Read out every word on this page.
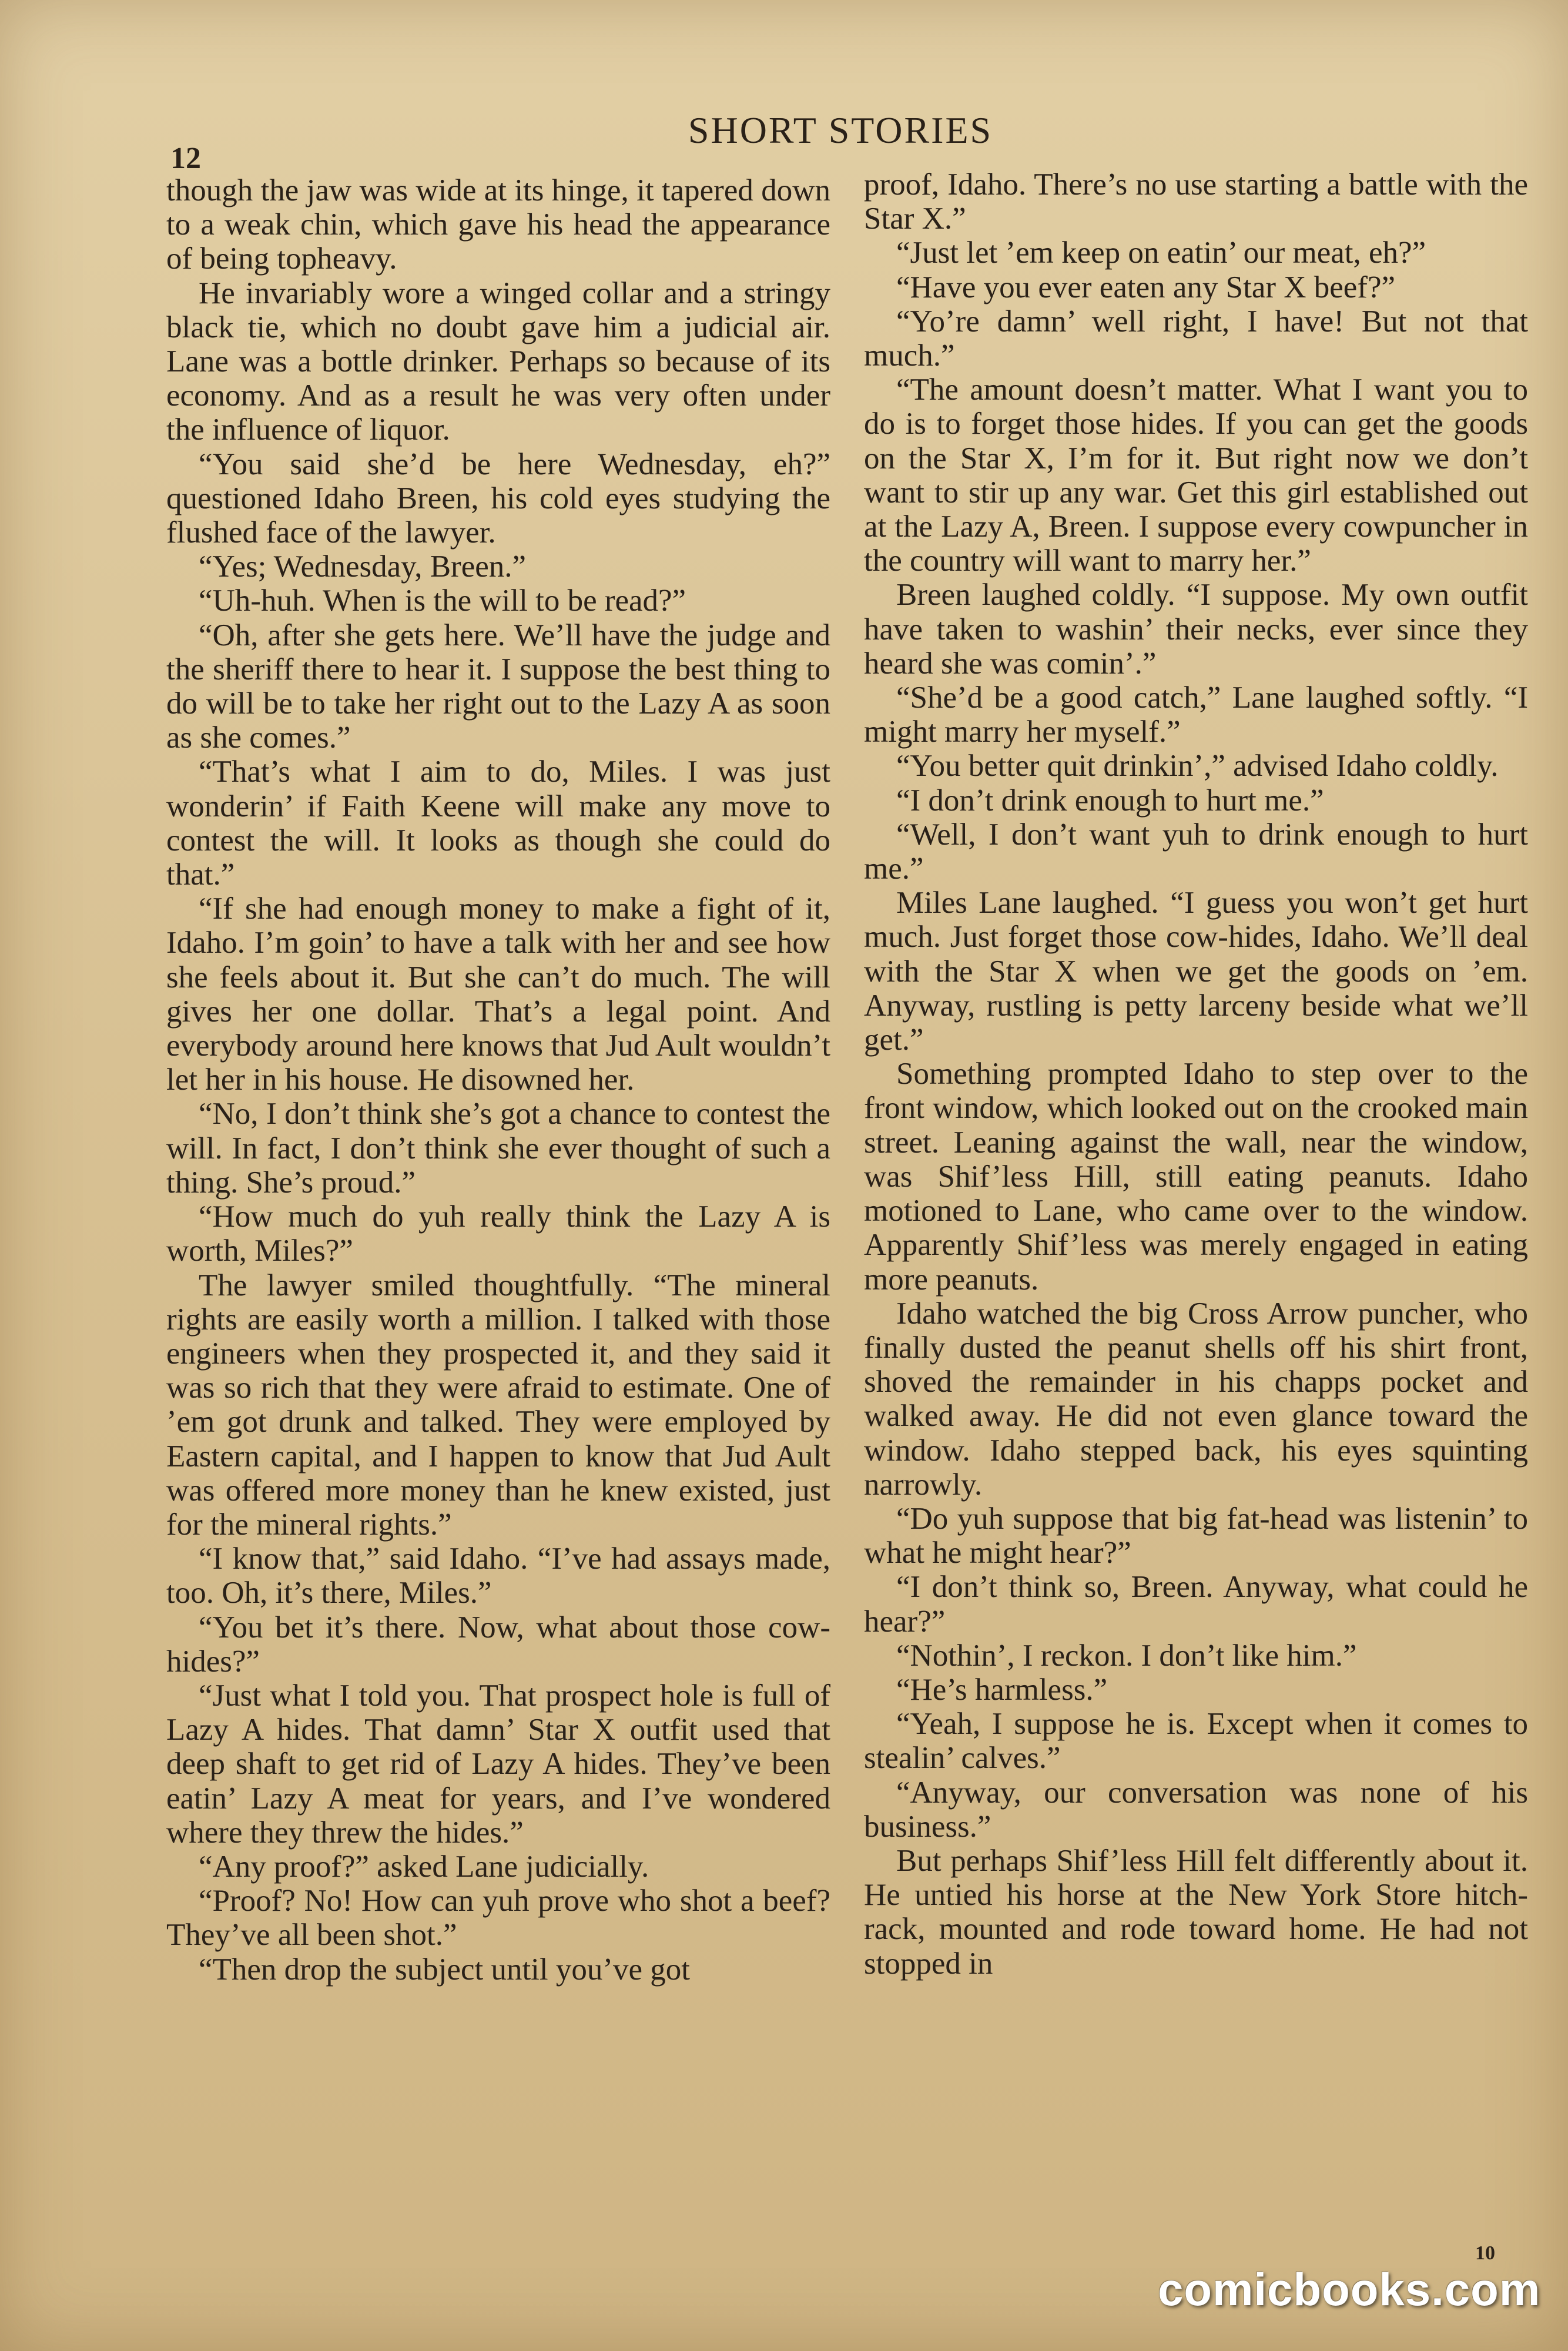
12
SHORT STORIES

though the jaw was wide at its hinge, it tapered down to a weak chin, which gave his head the appearance of being topheavy.

He invariably wore a winged collar and a stringy black tie, which no doubt gave him a judicial air. Lane was a bottle drinker. Perhaps so because of its economy. And as a result he was very often under the influence of liquor.

“You said she’d be here Wednesday, eh?” questioned Idaho Breen, his cold eyes studying the flushed face of the lawyer.

“Yes; Wednesday, Breen.”

“Uh-huh. When is the will to be read?”

“Oh, after she gets here. We’ll have the judge and the sheriff there to hear it. I suppose the best thing to do will be to take her right out to the Lazy A as soon as she comes.”

“That’s what I aim to do, Miles. I was just wonderin’ if Faith Keene will make any move to contest the will. It looks as though she could do that.”

“If she had enough money to make a fight of it, Idaho. I’m goin’ to have a talk with her and see how she feels about it. But she can’t do much. The will gives her one dollar. That’s a legal point. And everybody around here knows that Jud Ault wouldn’t let her in his house. He disowned her.

“No, I don’t think she’s got a chance to contest the will. In fact, I don’t think she ever thought of such a thing. She’s proud.”

“How much do yuh really think the Lazy A is worth, Miles?”

The lawyer smiled thoughtfully. “The mineral rights are easily worth a million. I talked with those engineers when they prospected it, and they said it was so rich that they were afraid to estimate. One of ’em got drunk and talked. They were employed by Eastern capital, and I happen to know that Jud Ault was offered more money than he knew existed, just for the mineral rights.”

“I know that,” said Idaho. “I’ve had assays made, too. Oh, it’s there, Miles.”

“You bet it’s there. Now, what about those cow-hides?”

“Just what I told you. That prospect hole is full of Lazy A hides. That damn’ Star X outfit used that deep shaft to get rid of Lazy A hides. They’ve been eatin’ Lazy A meat for years, and I’ve wondered where they threw the hides.”

“Any proof?” asked Lane judicially.

“Proof? No! How can yuh prove who shot a beef? They’ve all been shot.”

“Then drop the subject until you’ve got

proof, Idaho. There’s no use starting a battle with the Star X.”

“Just let ’em keep on eatin’ our meat, eh?”

“Have you ever eaten any Star X beef?”

“Yo’re damn’ well right, I have! But not that much.”

“The amount doesn’t matter. What I want you to do is to forget those hides. If you can get the goods on the Star X, I’m for it. But right now we don’t want to stir up any war. Get this girl established out at the Lazy A, Breen. I suppose every cowpuncher in the country will want to marry her.”

Breen laughed coldly. “I suppose. My own outfit have taken to washin’ their necks, ever since they heard she was comin’.”

“She’d be a good catch,” Lane laughed softly. “I might marry her myself.”

“You better quit drinkin’,” advised Idaho coldly.

“I don’t drink enough to hurt me.”

“Well, I don’t want yuh to drink enough to hurt me.”

Miles Lane laughed. “I guess you won’t get hurt much. Just forget those cow-hides, Idaho. We’ll deal with the Star X when we get the goods on ’em. Anyway, rustling is petty larceny beside what we’ll get.”

Something prompted Idaho to step over to the front window, which looked out on the crooked main street. Leaning against the wall, near the window, was Shif’less Hill, still eating peanuts. Idaho motioned to Lane, who came over to the window. Apparently Shif’less was merely engaged in eating more peanuts.

Idaho watched the big Cross Arrow puncher, who finally dusted the peanut shells off his shirt front, shoved the remainder in his chapps pocket and walked away. He did not even glance toward the window. Idaho stepped back, his eyes squinting narrowly.

“Do yuh suppose that big fat-head was listenin’ to what he might hear?”

“I don’t think so, Breen. Anyway, what could he hear?”

“Nothin’, I reckon. I don’t like him.”

“He’s harmless.”

“Yeah, I suppose he is. Except when it comes to stealin’ calves.”

“Anyway, our conversation was none of his business.”

But perhaps Shif’less Hill felt differently about it. He untied his horse at the New York Store hitch-rack, mounted and rode toward home. He had not stopped in

10
comicbooks.com
